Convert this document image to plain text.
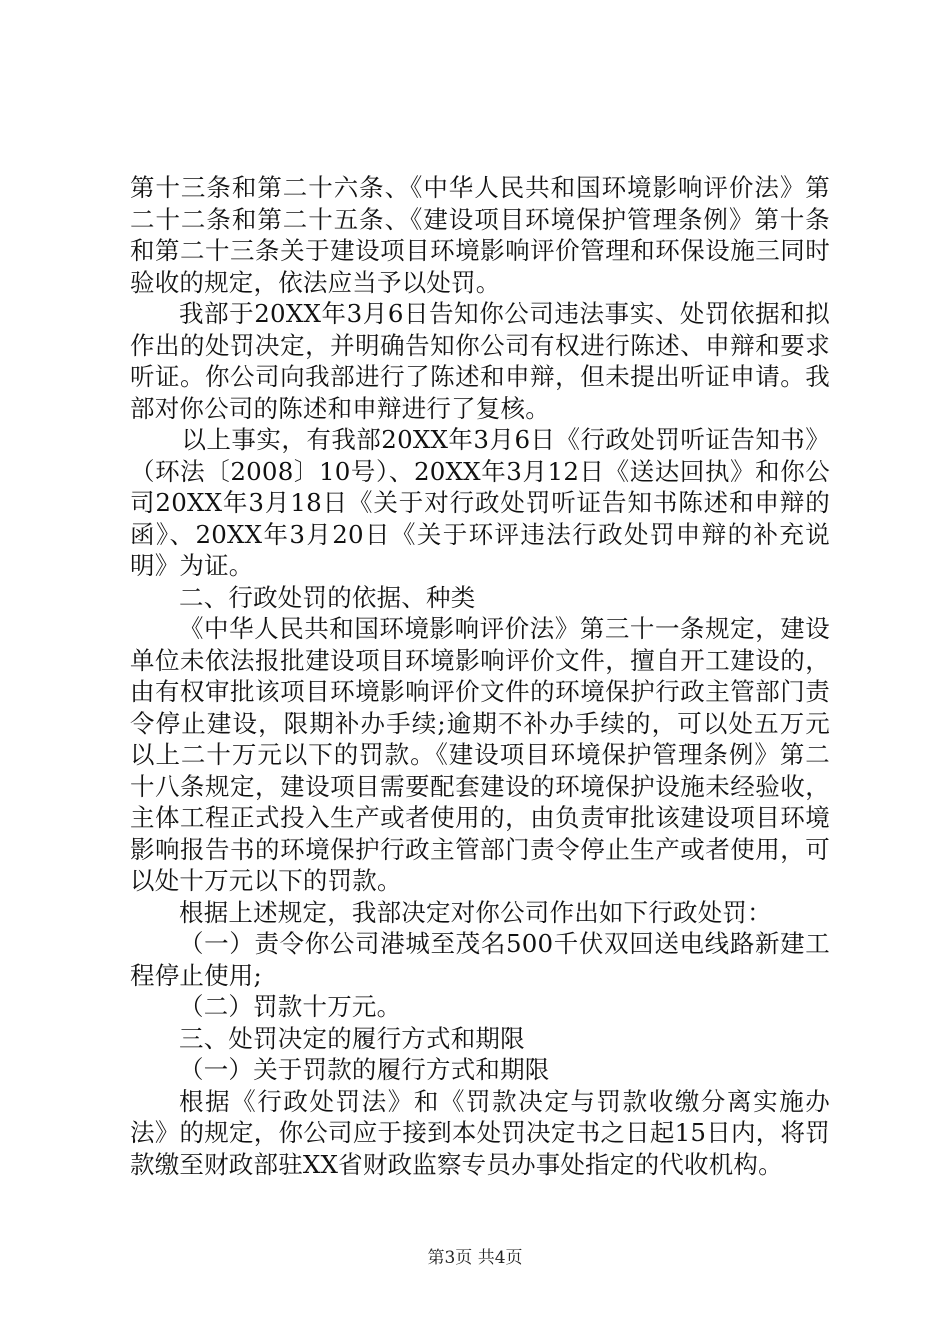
第十三条和第二十六条、《中华人民共和国环境影响评价法》第二十二条和第二十五条、《建设项目环境保护管理条例》第十条和第二十三条关于建设项目环境影响评价管理和环保设施三同时验收的规定，依法应当予以处罚。

我部于20XX年3月6日告知你公司违法事实、处罚依据和拟作出的处罚决定，并明确告知你公司有权进行陈述、申辩和要求听证。你公司向我部进行了陈述和申辩，但未提出听证申请。我部对你公司的陈述和申辩进行了复核。

以上事实，有我部20XX年3月6日《行政处罚听证告知书》（环法〔2008〕10号）、20XX年3月12日《送达回执》和你公司20XX年3月18日《关于对行政处罚听证告知书陈述和申辩的函》、20XX年3月20日《关于环评违法行政处罚申辩的补充说明》为证。

二、行政处罚的依据、种类

《中华人民共和国环境影响评价法》第三十一条规定，建设单位未依法报批建设项目环境影响评价文件，擅自开工建设的，由有权审批该项目环境影响评价文件的环境保护行政主管部门责令停止建设，限期补办手续;逾期不补办手续的，可以处五万元以上二十万元以下的罚款。《建设项目环境保护管理条例》第二十八条规定，建设项目需要配套建设的环境保护设施未经验收，主体工程正式投入生产或者使用的，由负责审批该建设项目环境影响报告书的环境保护行政主管部门责令停止生产或者使用，可以处十万元以下的罚款。

根据上述规定，我部决定对你公司作出如下行政处罚：

（一）责令你公司港城至茂名500千伏双回送电线路新建工程停止使用;

（二）罚款十万元。

三、处罚决定的履行方式和期限

（一）关于罚款的履行方式和期限

根据《行政处罚法》和《罚款决定与罚款收缴分离实施办法》的规定，你公司应于接到本处罚决定书之日起15日内，将罚款缴至财政部驻XX省财政监察专员办事处指定的代收机构。

第3页 共4页
